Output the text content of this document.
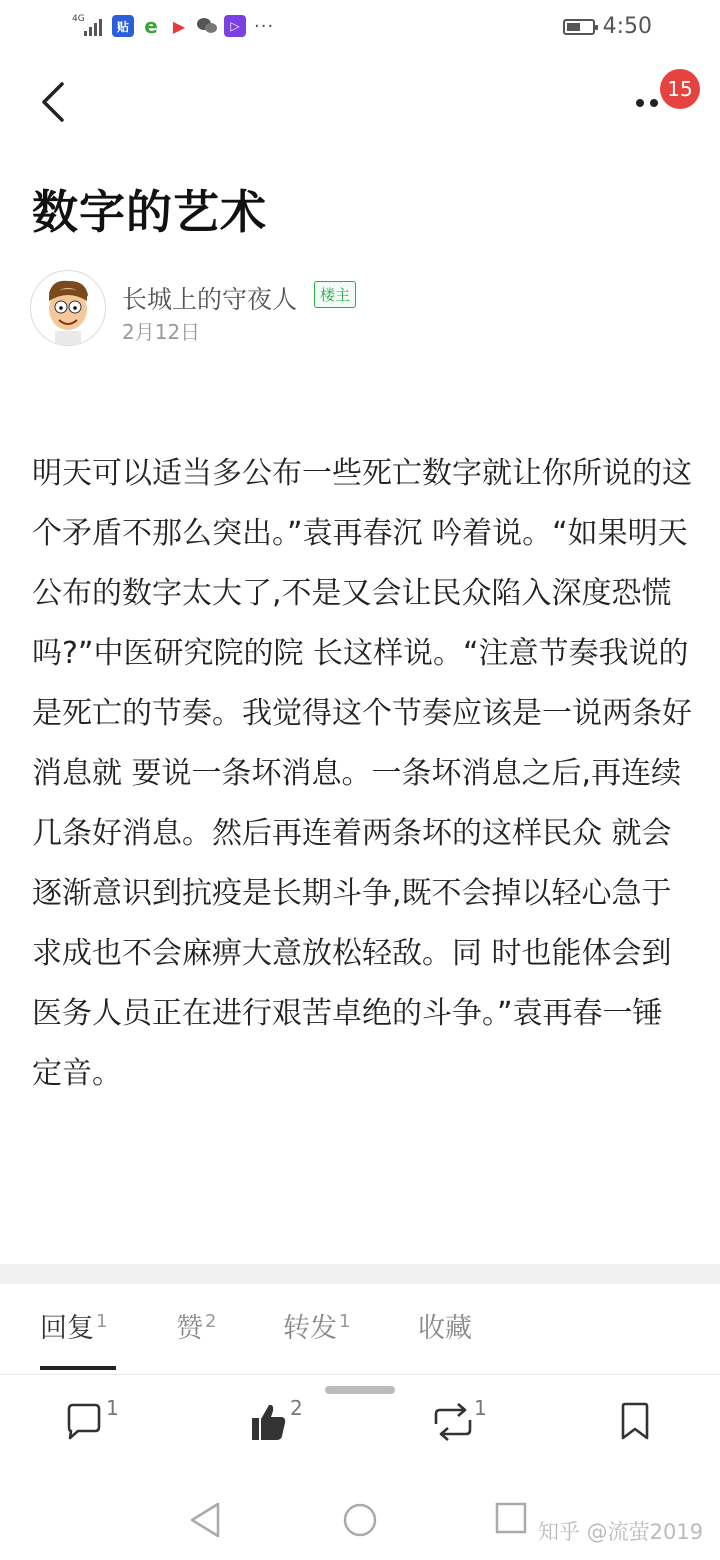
4G
贴 e ▶	▷ ···	4:50
15
数字的艺术
长城上的守夜人	楼主
2月12日

明天可以适当多公布一些死亡数字就让你所说的这个矛盾不那么突出。”袁再春沉 吟着说。“如果明天公布的数字太大了,不是又会让民众陷入深度恐慌吗?”中医研究院的院 长这样说。“注意节奏我说的是死亡的节奏。我觉得这个节奏应该是一说两条好消息就 要说一条坏消息。一条坏消息之后,再连续几条好消息。然后再连着两条坏的这样民众 就会逐渐意识到抗疫是长期斗争,既不会掉以轻心急于求成也不会麻痹大意放松轻敌。同 时也能体会到医务人员正在进行艰苦卓绝的斗争。”袁再春一锤定音。

回复 $^1$	赞 $^2$ 转发 $^1$	收藏
1	2	1
知乎 @流萤2019
